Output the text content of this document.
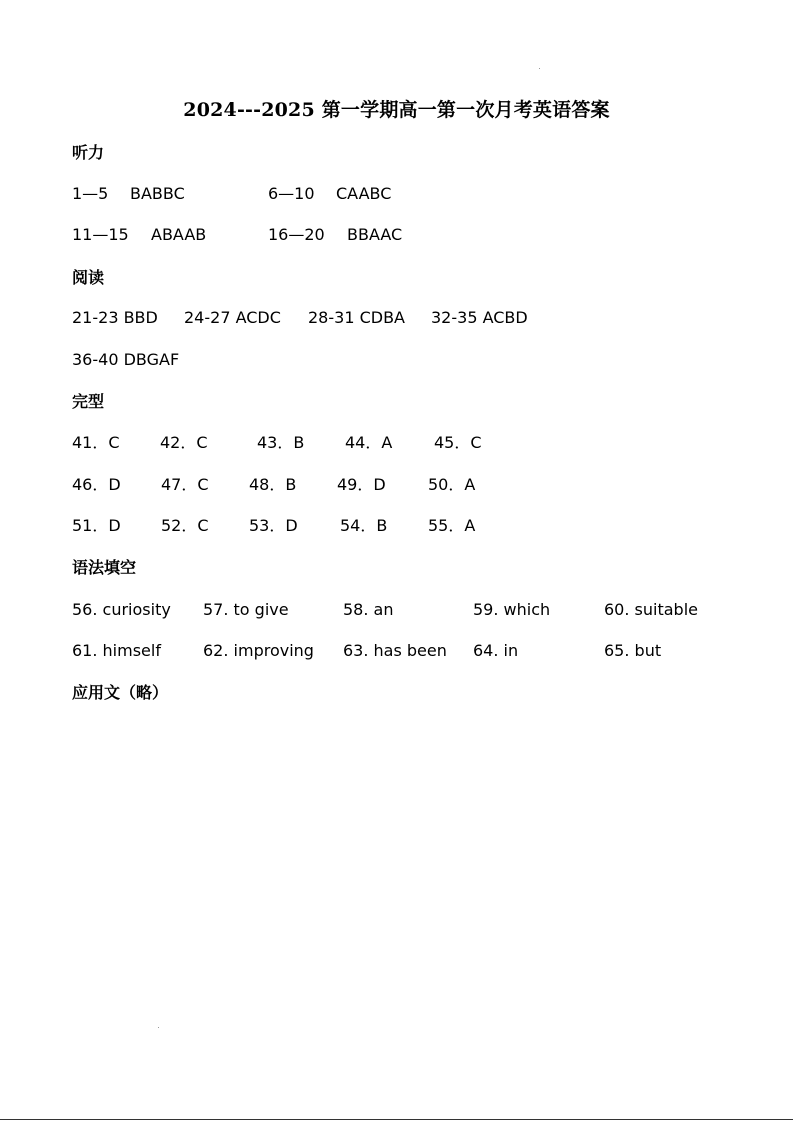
2024---2025 第一学期高一第一次月考英语答案
听力
1—5 BABBC	6—10 CAABC
11—15 ABAAB	16—20 BBAAC
阅读
21-23 BBD 24-27 ACDC 28-31 CDBA 32-35 ACBD
36-40 DBGAF
完型
41．C	42．C	43．B	44．A	45．C
46．D	47．C	48．B	49．D	50．A
51．D	52．C	53．D	54．B	55．A
语法填空
56. curiosity 57. to give	58. an	59. which	60. suitable
61. himself	62. improving 63. has been 64. in	65. but
应用文（略）
